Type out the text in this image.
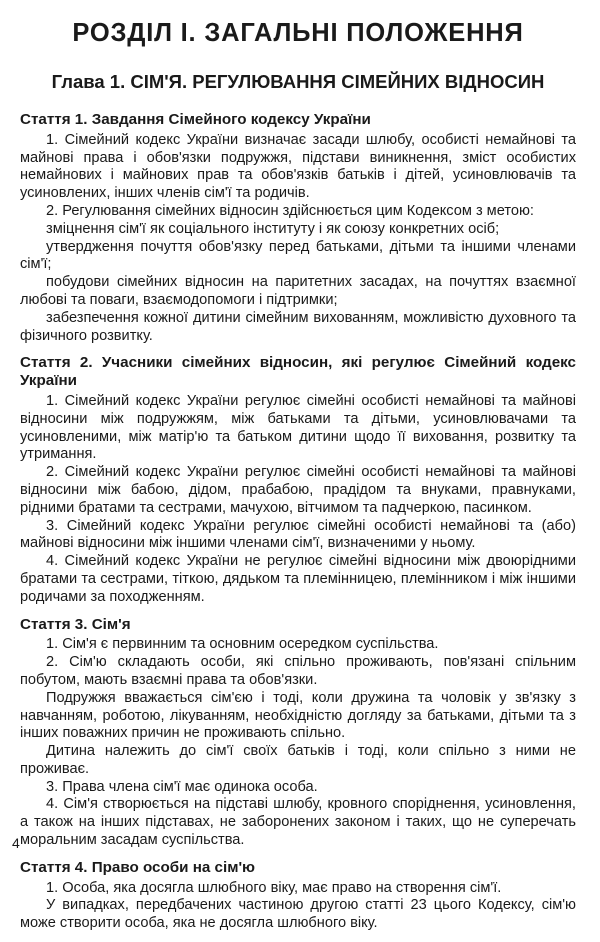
РОЗДІЛ І. ЗАГАЛЬНІ ПОЛОЖЕННЯ
Глава 1. СІМ'Я. РЕГУЛЮВАННЯ СІМЕЙНИХ ВІДНОСИН
Стаття 1. Завдання Сімейного кодексу України

1. Сімейний кодекс України визначає засади шлюбу, особисті немайнові та майнові права і обов'язки подружжя, підстави виникнення, зміст особистих немайнових і майнових прав та обов'язків батьків і дітей, усиновлювачів та усиновлених, інших членів сім'ї та родичів.

2. Регулювання сімейних відносин здійснюється цим Кодексом з метою:

зміцнення сім'ї як соціального інституту і як союзу конкретних осіб;

утвердження почуття обов'язку перед батьками, дітьми та іншими членами сім'ї;

побудови сімейних відносин на паритетних засадах, на почуттях взаємної любові та поваги, взаємодопомоги і підтримки;

забезпечення кожної дитини сімейним вихованням, можливістю духовного та фізичного розвитку.

Стаття 2. Учасники сімейних відносин, які регулює Сімейний кодекс України

1. Сімейний кодекс України регулює сімейні особисті немайнові та майнові відносини між подружжям, між батьками та дітьми, усиновлювачами та усиновленими, між матір'ю та батьком дитини щодо її виховання, розвитку та утримання.

2. Сімейний кодекс України регулює сімейні особисті немайнові та майнові відносини між бабою, дідом, прабабою, прадідом та внуками, правнуками, рідними братами та сестрами, мачухою, вітчимом та падчеркою, пасинком.

3. Сімейний кодекс України регулює сімейні особисті немайнові та (або) майнові відносини між іншими членами сім'ї, визначеними у ньому.

4. Сімейний кодекс України не регулює сімейні відносини між двоюрідними братами та сестрами, тіткою, дядьком та племінницею, племінником і між іншими родичами за походженням.

Стаття 3. Сім'я

1. Сім'я є первинним та основним осередком суспільства.

2. Сім'ю складають особи, які спільно проживають, пов'язані спільним побутом, мають взаємні права та обов'язки.

Подружжя вважається сім'єю і тоді, коли дружина та чоловік у зв'язку з навчанням, роботою, лікуванням, необхідністю догляду за батьками, дітьми та з інших поважних причин не проживають спільно.

Дитина належить до сім'ї своїх батьків і тоді, коли спільно з ними не проживає.

3. Права члена сім'ї має одинока особа.

4. Сім'я створюється на підставі шлюбу, кровного споріднення, усиновлення, а також на інших підставах, не заборонених законом і таких, що не суперечать моральним засадам суспільства.

Стаття 4. Право особи на сім'ю

1. Особа, яка досягла шлюбного віку, має право на створення сім'ї.

У випадках, передбачених частиною другою статті 23 цього Кодексу, сім'ю може створити особа, яка не досягла шлюбного віку.

4
